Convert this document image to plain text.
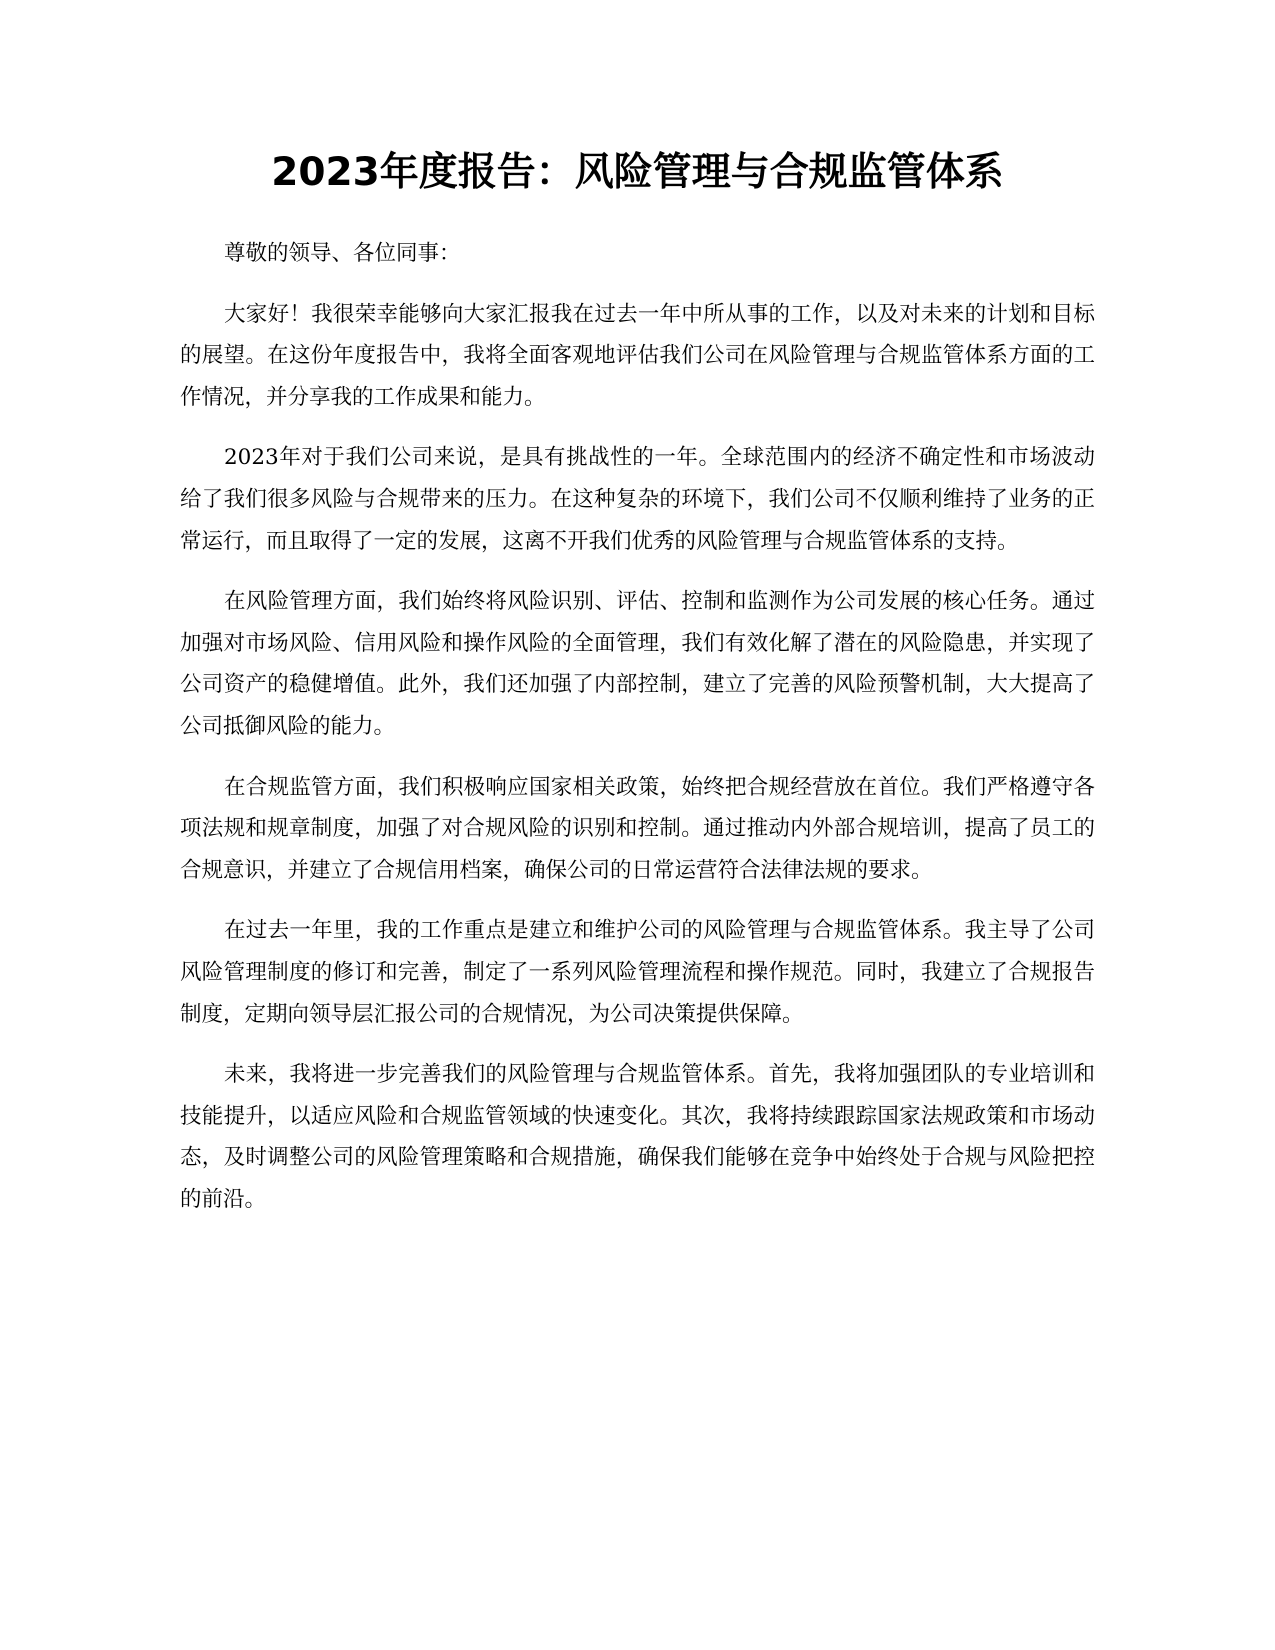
2023年度报告：风险管理与合规监管体系

尊敬的领导、各位同事：

大家好！我很荣幸能够向大家汇报我在过去一年中所从事的工作，以及对未来的计划和目标的展望。在这份年度报告中，我将全面客观地评估我们公司在风险管理与合规监管体系方面的工作情况，并分享我的工作成果和能力。

2023年对于我们公司来说，是具有挑战性的一年。全球范围内的经济不确定性和市场波动给了我们很多风险与合规带来的压力。在这种复杂的环境下，我们公司不仅顺利维持了业务的正常运行，而且取得了一定的发展，这离不开我们优秀的风险管理与合规监管体系的支持。

在风险管理方面，我们始终将风险识别、评估、控制和监测作为公司发展的核心任务。通过加强对市场风险、信用风险和操作风险的全面管理，我们有效化解了潜在的风险隐患，并实现了公司资产的稳健增值。此外，我们还加强了内部控制，建立了完善的风险预警机制，大大提高了公司抵御风险的能力。

在合规监管方面，我们积极响应国家相关政策，始终把合规经营放在首位。我们严格遵守各项法规和规章制度，加强了对合规风险的识别和控制。通过推动内外部合规培训，提高了员工的合规意识，并建立了合规信用档案，确保公司的日常运营符合法律法规的要求。

在过去一年里，我的工作重点是建立和维护公司的风险管理与合规监管体系。我主导了公司风险管理制度的修订和完善，制定了一系列风险管理流程和操作规范。同时，我建立了合规报告制度，定期向领导层汇报公司的合规情况，为公司决策提供保障。

未来，我将进一步完善我们的风险管理与合规监管体系。首先，我将加强团队的专业培训和技能提升，以适应风险和合规监管领域的快速变化。其次，我将持续跟踪国家法规政策和市场动态，及时调整公司的风险管理策略和合规措施，确保我们能够在竞争中始终处于合规与风险把控的前沿。
